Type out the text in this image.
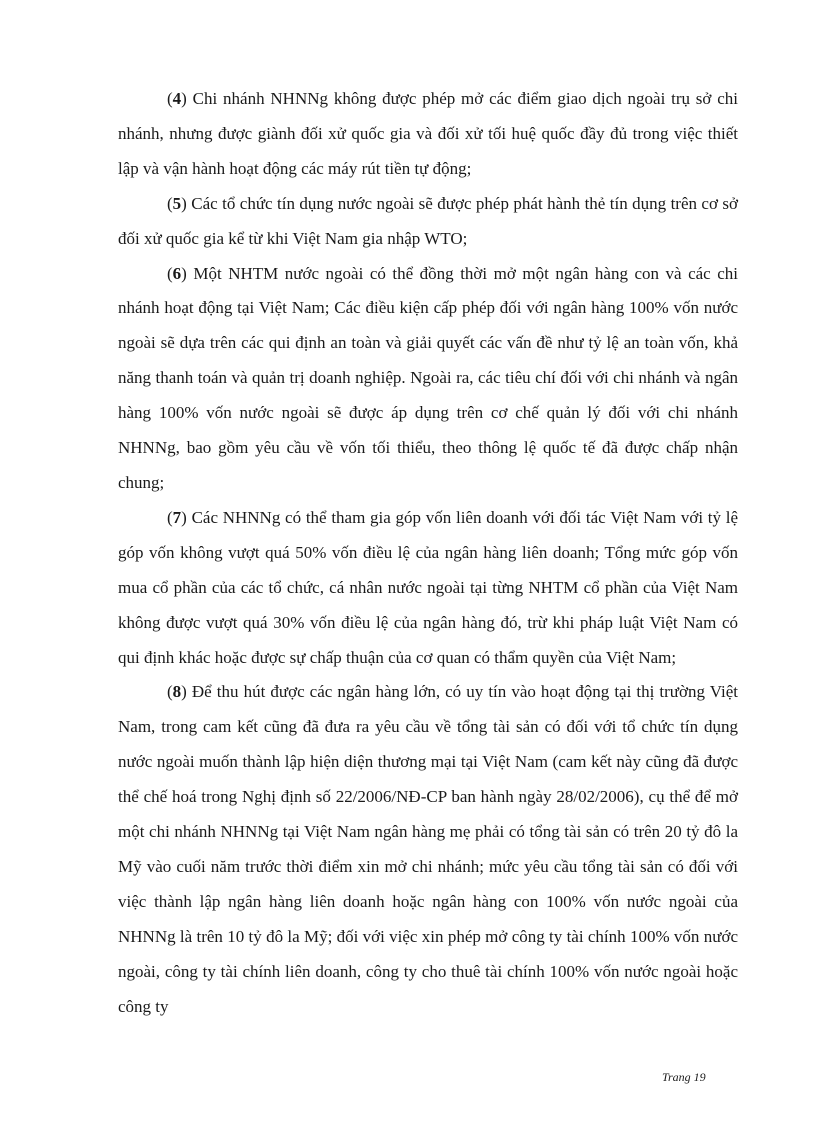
(4) Chi nhánh NHNNg không được phép mở các điểm giao dịch ngoài trụ sở chi nhánh, nhưng được giành đối xử quốc gia và đối xử tối huệ quốc đầy đủ trong việc thiết lập và vận hành hoạt động các máy rút tiền tự động;

(5) Các tổ chức tín dụng nước ngoài sẽ được phép phát hành thẻ tín dụng trên cơ sở đối xử quốc gia kể từ khi Việt Nam gia nhập WTO;

(6) Một NHTM nước ngoài có thể đồng thời mở một ngân hàng con và các chi nhánh hoạt động tại Việt Nam; Các điều kiện cấp phép đối với ngân hàng 100% vốn nước ngoài sẽ dựa trên các qui định an toàn và giải quyết các vấn đề như tỷ lệ an toàn vốn, khả năng thanh toán và quản trị doanh nghiệp. Ngoài ra, các tiêu chí đối với chi nhánh và ngân hàng 100% vốn nước ngoài sẽ được áp dụng trên cơ chế quản lý đối với chi nhánh NHNNg, bao gồm yêu cầu về vốn tối thiểu, theo thông lệ quốc tế đã được chấp nhận chung;

(7) Các NHNNg có thể tham gia góp vốn liên doanh với đối tác Việt Nam với tỷ lệ góp vốn không vượt quá 50% vốn điều lệ của ngân hàng liên doanh; Tổng mức góp vốn mua cổ phần của các tổ chức, cá nhân nước ngoài tại từng NHTM cổ phần của Việt Nam không được vượt quá 30% vốn điều lệ của ngân hàng đó, trừ khi pháp luật Việt Nam có qui định khác hoặc được sự chấp thuận của cơ quan có thẩm quyền của Việt Nam;

(8) Để thu hút được các ngân hàng lớn, có uy tín vào hoạt động tại thị trường Việt Nam, trong cam kết cũng đã đưa ra yêu cầu về tổng tài sản có đối với tổ chức tín dụng nước ngoài muốn thành lập hiện diện thương mại tại Việt Nam (cam kết này cũng đã được thể chế hoá trong Nghị định số 22/2006/NĐ-CP ban hành ngày 28/02/2006), cụ thể để mở một chi nhánh NHNNg tại Việt Nam ngân hàng mẹ phải có tổng tài sản có trên 20 tỷ đô la Mỹ vào cuối năm trước thời điểm xin mở chi nhánh; mức yêu cầu tổng tài sản có đối với việc thành lập ngân hàng liên doanh hoặc ngân hàng con 100% vốn nước ngoài của NHNNg là trên 10 tỷ đô la Mỹ; đối với việc xin phép mở công ty tài chính 100% vốn nước ngoài, công ty tài chính liên doanh, công ty cho thuê tài chính 100% vốn nước ngoài hoặc công ty

Trang 19
